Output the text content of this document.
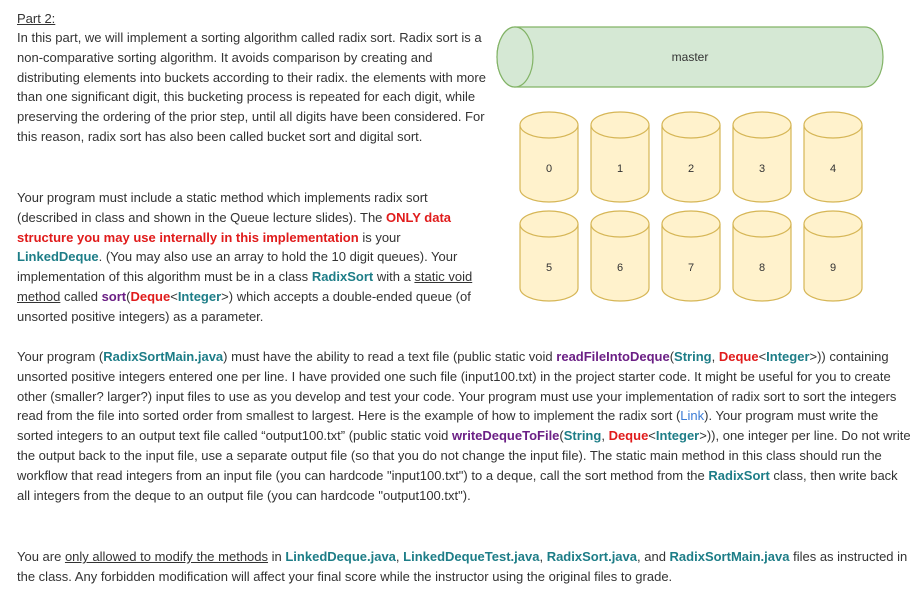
Part 2:

In this part, we will implement a sorting algorithm called radix sort. Radix sort is a non-comparative sorting algorithm. It avoids comparison by creating and distributing elements into buckets according to their radix. the elements with more than one significant digit, this bucketing process is repeated for each digit, while preserving the ordering of the prior step, until all digits have been considered. For this reason, radix sort has also been called bucket sort and digital sort.

Your program must include a static method which implements radix sort (described in class and shown in the Queue lecture slides). The ONLY data structure you may use internally in this implementation is your LinkedDeque. (You may also use an array to hold the 10 digit queues). Your implementation of this algorithm must be in a class RadixSort with a static void method called sort(Deque<Integer>) which accepts a double-ended queue (of unsorted positive integers) as a parameter.

Your program (RadixSortMain.java) must have the ability to read a text file (public static void readFileIntoDeque(String, Deque<Integer>)) containing unsorted positive integers entered one per line. I have provided one such file (input100.txt) in the project starter code. It might be useful for you to create other (smaller? larger?) input files to use as you develop and test your code. Your program must use your implementation of radix sort to sort the integers read from the file into sorted order from smallest to largest. Here is the example of how to implement the radix sort (Link). Your program must write the sorted integers to an output text file called “output100.txt” (public static void writeDequeToFile(String, Deque<Integer>)), one integer per line. Do not write the output back to the input file, use a separate output file (so that you do not change the input file). The static main method in this class should run the workflow that read integers from an input file (you can hardcode "input100.txt") to a deque, call the sort method from the RadixSort class, then write back all integers from the deque to an output file (you can hardcode "output100.txt").

You are only allowed to modify the methods in LinkedDeque.java, LinkedDequeTest.java, RadixSort.java, and RadixSortMain.java files as instructed in the class. Any forbidden modification will affect your final score while the instructor using the original files to grade.

master
0	1	2	3	4
5	6	7	8	9
